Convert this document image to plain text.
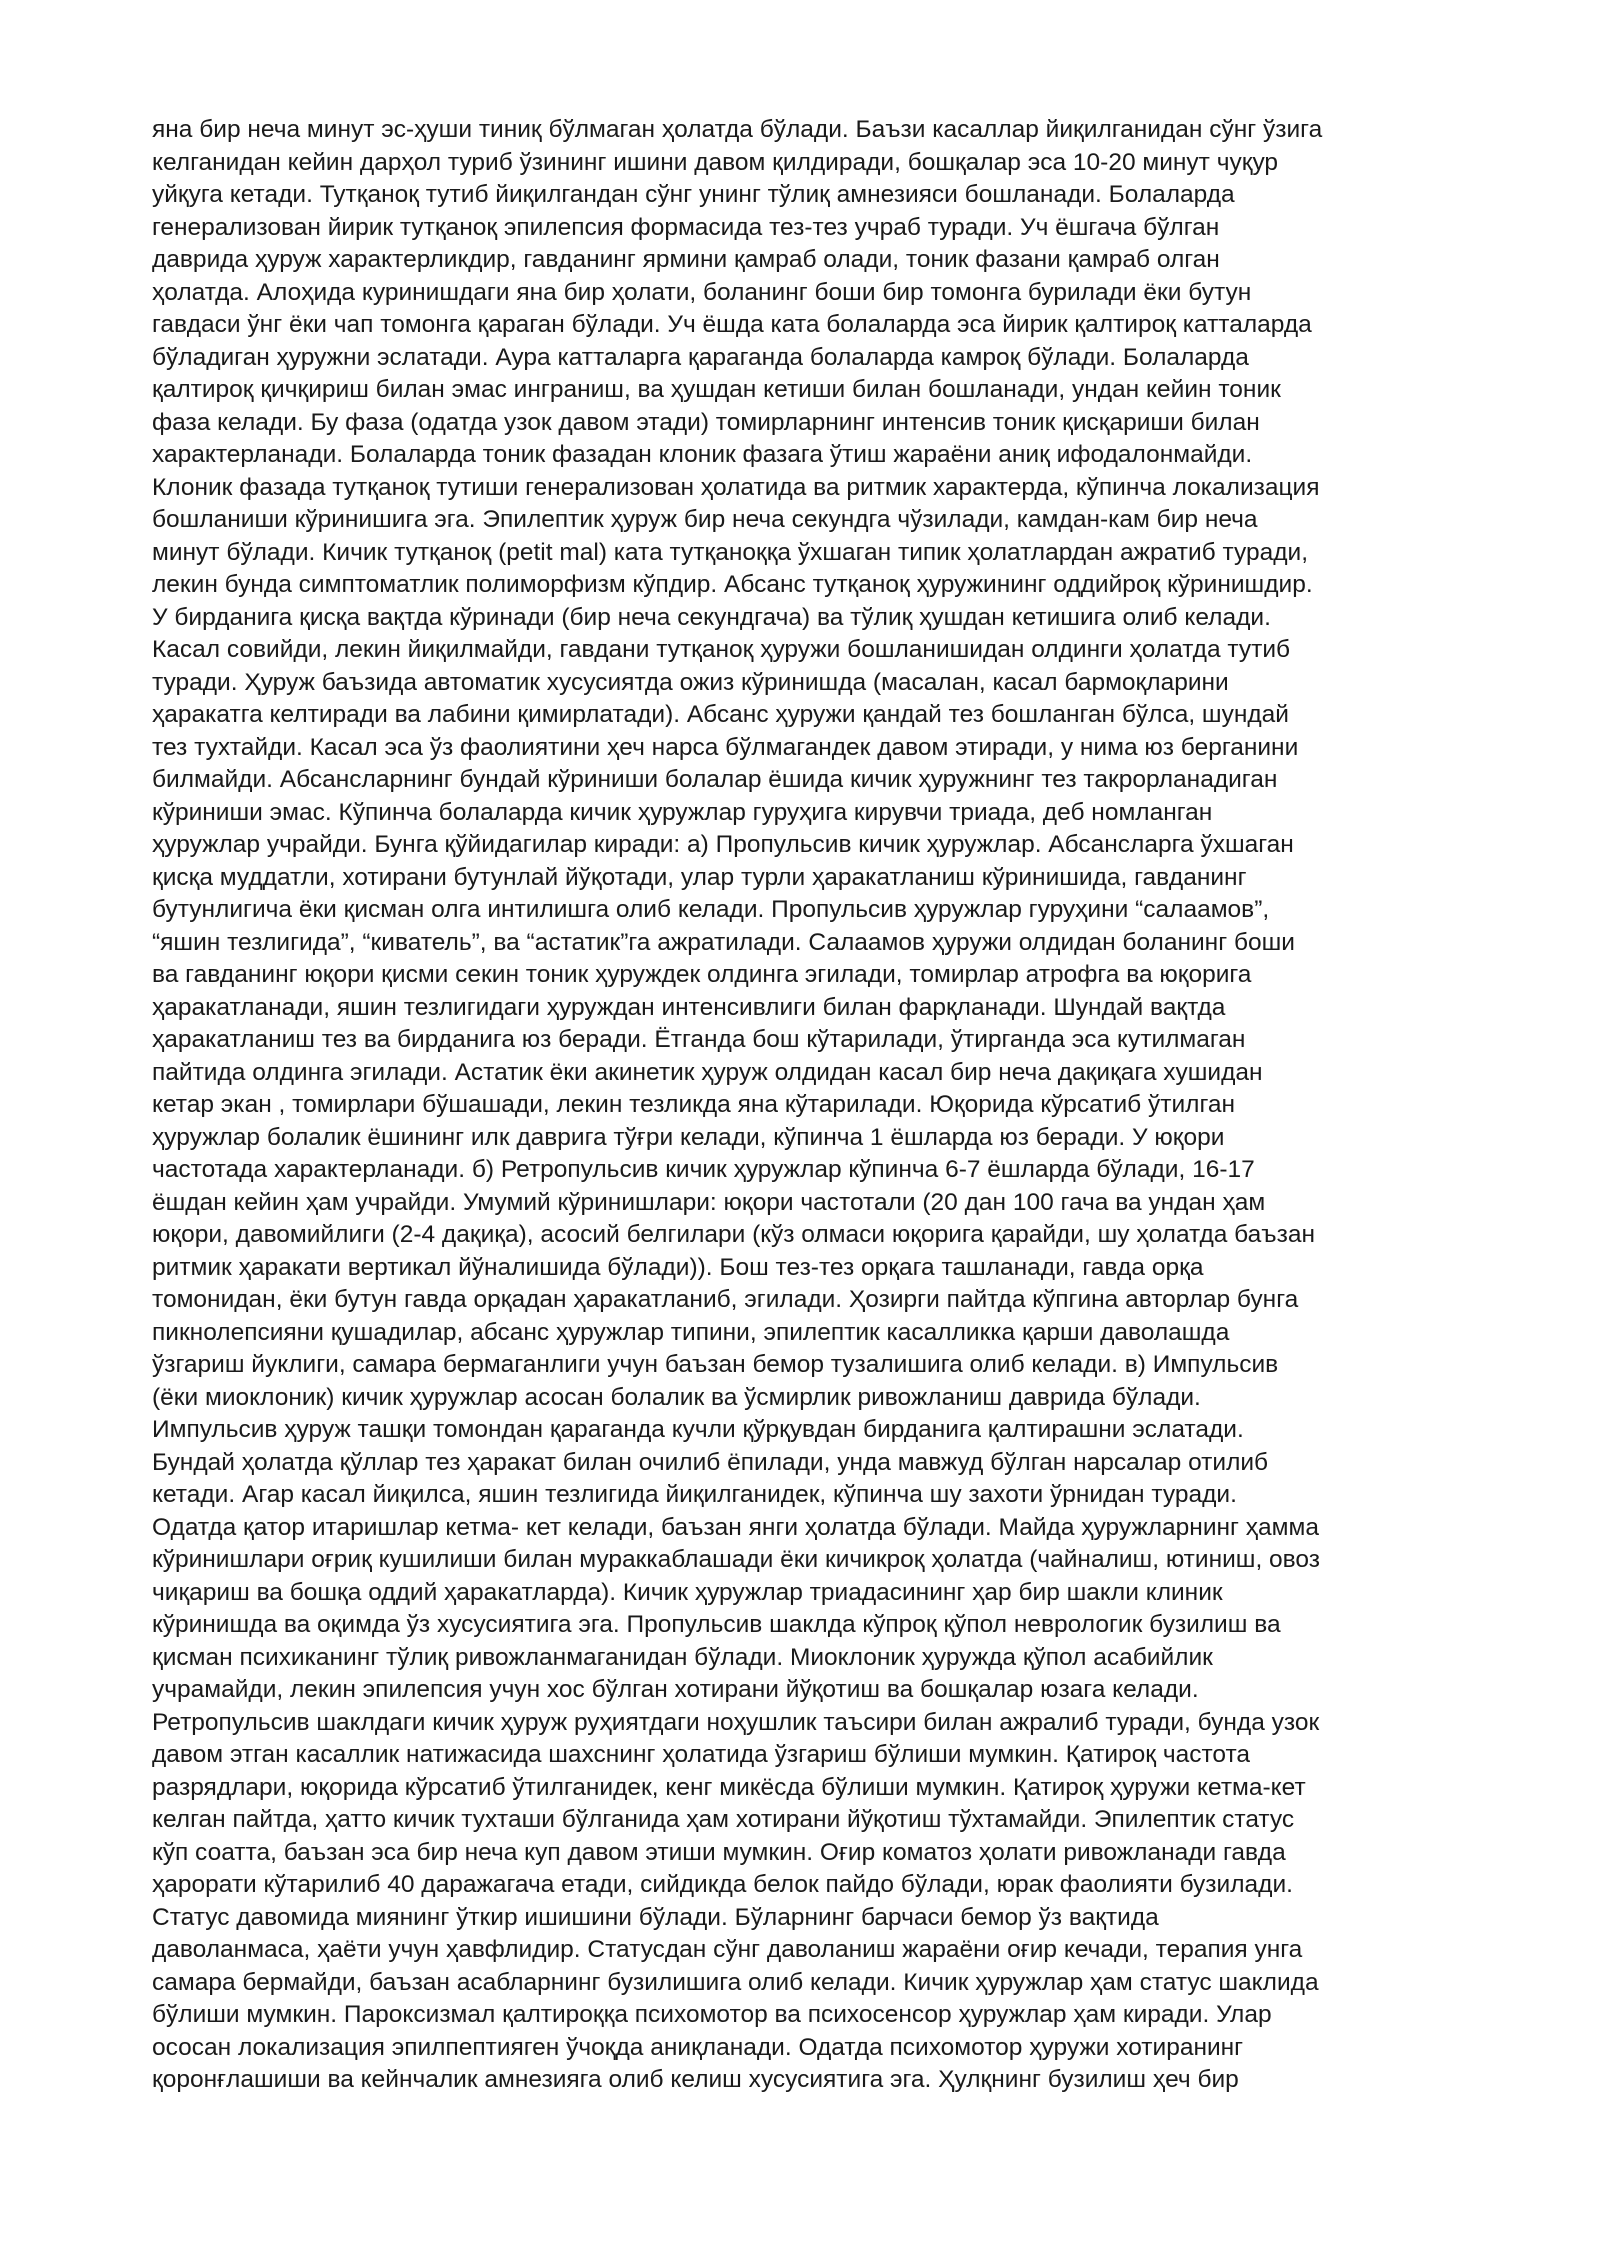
яна бир неча минут эс-ҳуши тиниқ бўлмаган ҳолатда бўлади. Баъзи касаллар йиқилганидан сўнг ўзига
келганидан кейин дарҳол туриб ўзининг ишини давом қилдиради, бошқалар эса 10-20 минут чуқур
уйқуга кетади. Тутқаноқ тутиб йиқилгандан сўнг унинг тўлиқ амнезияси бошланади. Болаларда
генерализован йирик тутқаноқ эпилепсия формасида тез-тез учраб туради. Уч ёшгача бўлган
даврида ҳуруж характерликдир, гавданинг ярмини қамраб олади, тоник фазани қамраб олган
ҳолатда. Алоҳида куринишдаги яна бир ҳолати, боланинг боши бир томонга бурилади ёки бутун
гавдаси ўнг ёки чап томонга қараган бўлади. Уч ёшда ката болаларда эса йирик қалтироқ катталарда
бўладиган ҳуружни эслатади. Аура катталарга қараганда болаларда камроқ бўлади. Болаларда
қалтироқ қичқириш билан эмас инграниш, ва ҳушдан кетиши билан бошланади, ундан кейин тоник
фаза келади. Бу фаза (одатда узок давом этади) томирларнинг интенсив тоник қисқариши билан
характерланади. Болаларда тоник фазадан клоник фазага ўтиш жараёни аниқ ифодалонмайди.
Клоник фазада тутқаноқ тутиши генерализован ҳолатида ва ритмик характерда, кўпинча локализация
бошланиши кўринишига эга. Эпилептик ҳуруж бир неча секундга чўзилади, камдан-кам бир неча
минут бўлади. Кичик тутқаноқ (petit mal) ката тутқаноққа ўхшаган типик ҳолатлардан ажратиб туради,
лекин бунда симптоматлик полиморфизм кўпдир. Абсанс тутқаноқ ҳуружининг оддийроқ кўринишдир.
У бирданига қисқа вақтда кўринади (бир неча секундгача) ва тўлиқ ҳушдан кетишига олиб келади.
Касал совийди, лекин йиқилмайди, гавдани тутқаноқ ҳуружи бошланишидан олдинги ҳолатда тутиб
туради. Ҳуруж баъзида автоматик хусусиятда ожиз кўринишда (масалан, касал бармоқларини
ҳаракатга келтиради ва лабини қимирлатади). Абсанс ҳуружи қандай тез бошланган бўлса, шундай
тез тухтайди. Касал эса ўз фаолиятини ҳеч нарса бўлмагандек давом этиради, у нима юз берганини
билмайди. Абсансларнинг бундай кўриниши болалар ёшида кичик ҳуружнинг тез такрорланадиган
кўриниши эмас. Кўпинча болаларда кичик ҳуружлар гуруҳига кирувчи триада, деб номланган
ҳуружлар учрайди. Бунга қўйидагилар киради: а) Пропульсив кичик ҳуружлар. Абсансларга ўхшаган
қисқа муддатли, хотирани бутунлай йўқотади, улар турли ҳаракатланиш кўринишида, гавданинг
бутунлигича ёки қисман олга интилишга олиб келади. Пропульсив ҳуружлар гуруҳини “салаамов”,
“яшин тезлигида”, “киватель”, ва “астатик”га ажратилади. Салаамов ҳуружи олдидан боланинг боши
ва гавданинг юқори қисми секин тоник ҳуруждек олдинга эгилади, томирлар атрофга ва юқорига
ҳаракатланади, яшин тезлигидаги ҳуруждан интенсивлиги билан фарқланади. Шундай вақтда
ҳаракатланиш тез ва бирданига юз беради. Ётганда бош кўтарилади, ўтирганда эса кутилмаган
пайтида олдинга эгилади. Астатик ёки акинетик ҳуруж олдидан касал бир неча дақиқага хушидан
кетар экан , томирлари бўшашади, лекин тезликда яна кўтарилади. Юқорида кўрсатиб ўтилган
ҳуружлар болалик ёшининг илк даврига тўғри келади, кўпинча 1 ёшларда юз беради. У юқори
частотада характерланади. б) Ретропульсив кичик ҳуружлар кўпинча 6-7 ёшларда бўлади, 16-17
ёшдан кейин ҳам учрайди. Умумий кўринишлари: юқори частотали (20 дан 100 гача ва ундан ҳам
юқори, давомийлиги (2-4 дақиқа), асосий белгилари (кўз олмаси юқорига қарайди, шу ҳолатда баъзан
ритмик ҳаракати вертикал йўналишида бўлади)). Бош тез-тез орқага ташланади, гавда орқа
томонидан, ёки бутун гавда орқадан ҳаракатланиб, эгилади. Ҳозирги пайтда кўпгина авторлар бунга
пикнолепсияни қушадилар, абсанс ҳуружлар типини, эпилептик касалликка қарши даволашда
ўзгариш йуклиги, самара бермаганлиги учун баъзан бемор тузалишига олиб келади. в) Импульсив
(ёки миоклоник) кичик ҳуружлар асосан болалик ва ўсмирлик ривожланиш даврида бўлади.
Импульсив ҳуруж ташқи томондан қараганда кучли қўрқувдан бирданига қалтирашни эслатади.
Бундай ҳолатда қўллар тез ҳаракат билан очилиб ёпилади, унда мавжуд бўлган нарсалар отилиб
кетади. Агар касал йиқилса, яшин тезлигида йиқилганидек, кўпинча шу захоти ўрнидан туради.
Одатда қатор итаришлар кетма- кет келади, баъзан янги ҳолатда бўлади. Майда ҳуружларнинг ҳамма
кўринишлари оғриқ кушилиши билан мураккаблашади ёки кичикроқ ҳолатда (чайналиш, ютиниш, овоз
чиқариш ва бошқа оддий ҳаракатларда). Кичик ҳуружлар триадасининг ҳар бир шакли клиник
кўринишда ва оқимда ўз хусусиятига эга. Пропульсив шаклда кўпроқ қўпол неврологик бузилиш ва
қисман психиканинг тўлиқ ривожланмаганидан бўлади. Миоклоник ҳуружда қўпол асабийлик
учрамайди, лекин эпилепсия учун хос бўлган хотирани йўқотиш ва бошқалар юзага келади.
Ретропульсив шаклдаги кичик ҳуруж руҳиятдаги ноҳушлик таъсири билан ажралиб туради, бунда узок
давом этган касаллик натижасида шахснинг ҳолатида ўзгариш бўлиши мумкин. Қатироқ частота
разрядлари, юқорида кўрсатиб ўтилганидек, кенг микёсда бўлиши мумкин. Қатироқ ҳуружи кетма-кет
келган пайтда, ҳатто кичик тухташи бўлганида ҳам хотирани йўқотиш тўхтамайди. Эпилептик статус
кўп соатта, баъзан эса бир неча куп давом этиши мумкин. Оғир коматоз ҳолати ривожланади гавда
ҳарорати кўтарилиб 40 даражагача етади, сийдикда белок пайдо бўлади, юрак фаолияти бузилади.
Статус давомида миянинг ўткир ишишини бўлади. Бўларнинг барчаси бемор ўз вақтида
даволанмаса, ҳаёти учун ҳавфлидир. Статусдан сўнг даволаниш жараёни оғир кечади, терапия унга
самара бермайди, баъзан асабларнинг бузилишига олиб келади. Кичик ҳуружлар ҳам статус шаклида
бўлиши мумкин. Пароксизмал қалтироққа психомотор ва психосенсор ҳуружлар ҳам киради. Улар
ососан локализация эпилпептияген ўчоқда аниқланади. Одатда психомотор ҳуружи хотиранинг
қоронғлашиши ва кейнчалик амнезияга олиб келиш хусусиятига эга. Ҳулқнинг бузилиш ҳеч бир
